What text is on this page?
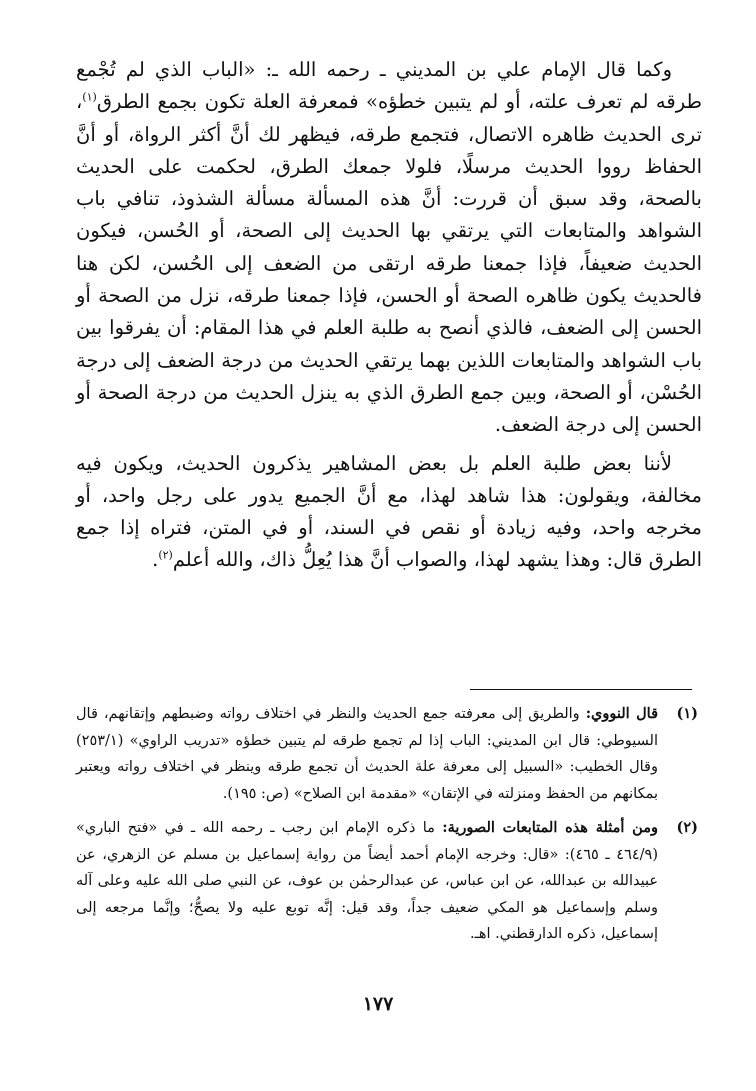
وكما قال الإمام علي بن المديني ـ رحمه الله ـ: «الباب الذي لم تُجْمع طرقه لم تعرف علته، أو لم يتبين خطؤه» فمعرفة العلة تكون بجمع الطرق$^{(١)}$، ترى الحديث ظاهره الاتصال، فتجمع طرقه، فيظهر لك أنَّ أكثر الرواة، أو أنَّ الحفاظ رووا الحديث مرسلًا، فلولا جمعك الطرق، لحكمت على الحديث بالصحة، وقد سبق أن قررت: أنَّ هذه المسألة مسألة الشذوذ، تنافي باب الشواهد والمتابعات التي يرتقي بها الحديث إلى الصحة، أو الحُسن، فيكون الحديث ضعيفاً، فإذا جمعنا طرقه ارتقى من الضعف إلى الحُسن، لكن هنا فالحديث يكون ظاهره الصحة أو الحسن، فإذا جمعنا طرقه، نزل من الصحة أو الحسن إلى الضعف، فالذي أنصح به طلبة العلم في هذا المقام: أن يفرقوا بين باب الشواهد والمتابعات اللذين بهما يرتقي الحديث من درجة الضعف إلى درجة الحُسْن، أو الصحة، وبين جمع الطرق الذي به ينزل الحديث من درجة الصحة أو الحسن إلى درجة الضعف.

لأننا بعض طلبة العلم بل بعض المشاهير يذكرون الحديث، ويكون فيه مخالفة، ويقولون: هذا شاهد لهذا، مع أنَّ الجميع يدور على رجل واحد، أو مخرجه واحد، وفيه زيادة أو نقص في السند، أو في المتن، فتراه إذا جمع الطرق قال: وهذا يشهد لهذا، والصواب أنَّ هذا يُعِلُّ ذاك، والله أعلم$^{(٢)}$.

(١)
قال النووي: والطريق إلى معرفته جمع الحديث والنظر في اختلاف رواته وضبطهم وإتقانهم، قال السيوطي: قال ابن المديني: الباب إذا لم تجمع طرقه لم يتبين خطؤه «تدريب الراوي» (٢٥٣/١) وقال الخطيب: «السبيل إلى معرفة علة الحديث أن تجمع طرقه وينظر في اختلاف رواته ويعتبر بمكانهم من الحفظ ومنزلته في الإتقان» «مقدمة ابن الصلاح» (ص: ١٩٥).
(٢)
ومن أمثلة هذه المتابعات الصورية: ما ذكره الإمام ابن رجب ـ رحمه الله ـ في «فتح الباري» (٤٦٤/٩ ـ ٤٦٥): «قال: وخرجه الإمام أحمد أيضاً من رواية إسماعيل بن مسلم عن الزهري، عن عبيدالله بن عبدالله، عن ابن عباس، عن عبدالرحمٰن بن عوف، عن النبي صلى الله عليه وعلى آله وسلم وإسماعيل هو المكي ضعيف جداً، وقد قيل: إنَّه توبع عليه ولا يصحُّ؛ وإنَّما مرجعه إلى إسماعيل، ذكره الدارقطني. اهـ.
١٧٧
